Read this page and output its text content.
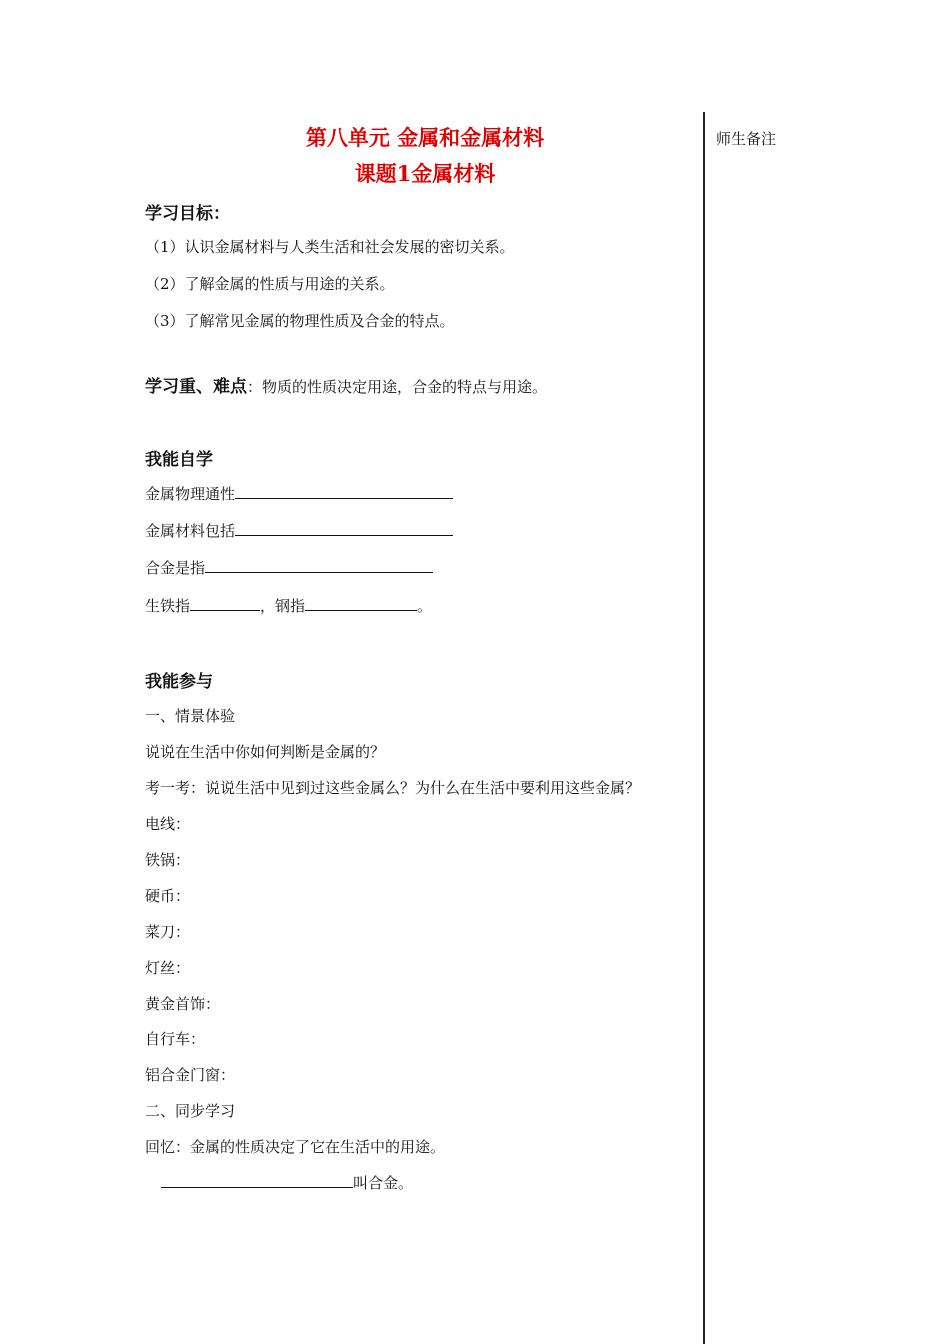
师生备注
第八单元 金属和金属材料
课题1金属材料
学习目标：
（1）认识金属材料与人类生活和社会发展的密切关系。
（2）了解金属的性质与用途的关系。
（3）了解常见金属的物理性质及合金的特点。
学习重、难点：物质的性质决定用途，合金的特点与用途。
我能自学
金属物理通性
金属材料包括
合金是指
生铁指	，钢指	。
我能参与
一、情景体验
说说在生活中你如何判断是金属的？
考一考：说说生活中见到过这些金属么？为什么在生活中要利用这些金属？
电线：
铁锅：
硬币：
菜刀：
灯丝：
黄金首饰：
自行车：
铝合金门窗：
二、同步学习
回忆：金属的性质决定了它在生活中的用途。
叫合金。
